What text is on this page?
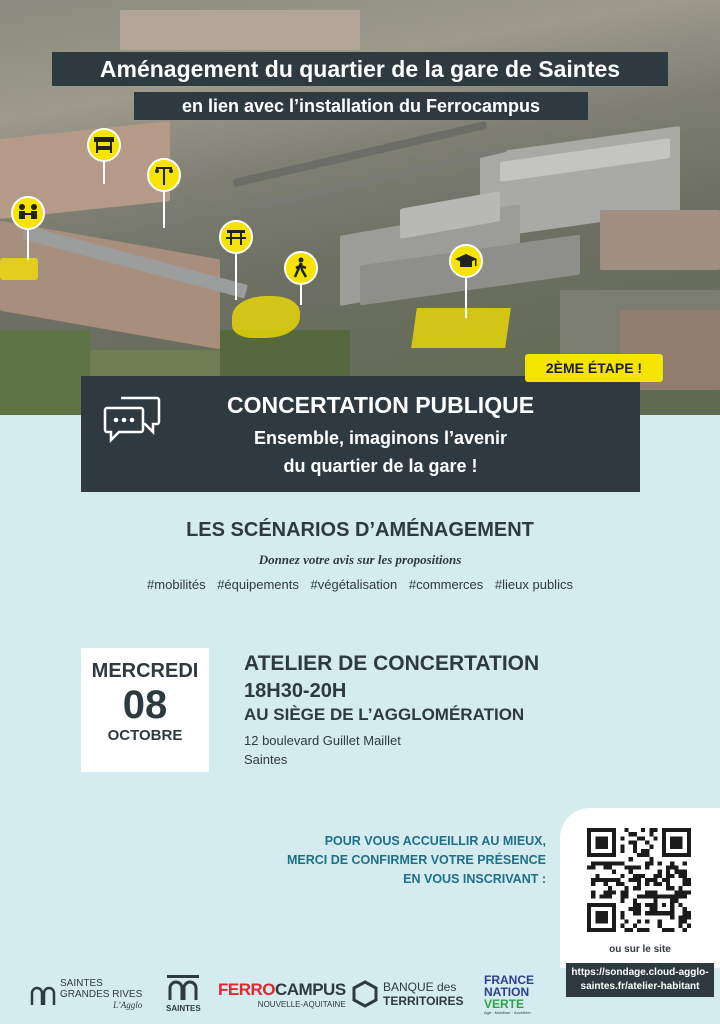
Aménagement du quartier de la gare de Saintes
en lien avec l’installation du Ferrocampus
CONCERTATION PUBLIQUE
Ensemble, imaginons l’avenir
du quartier de la gare !
2ÈME ÉTAPE !
LES SCÉNARIOS D’AMÉNAGEMENT
Donnez votre avis sur les propositions
#mobilités #équipements #végétalisation #commerces #lieux publics
MERCREDI
08
OCTOBRE
ATELIER DE CONCERTATION
18H30-20H
AU SIÈGE DE L’AGGLOMÉRATION
12 boulevard Guillet Maillet
Saintes
POUR VOUS ACCUEILLIR AU MIEUX,
MERCI DE CONFIRMER VOTRE PRÉSENCE
EN VOUS INSCRIVANT :
ou sur le site
https://sondage.cloud-agglo-
saintes.fr/atelier-habitant
SAINTES
GRANDES RIVES
L’Agglo	SAINTES
FERROCAMPUS
NOUVELLE-AQUITAINE
BANQUE des
TERRITOIRES
FRANCE
NATION
VERTE
Agir · Mobiliser · Accélérer
